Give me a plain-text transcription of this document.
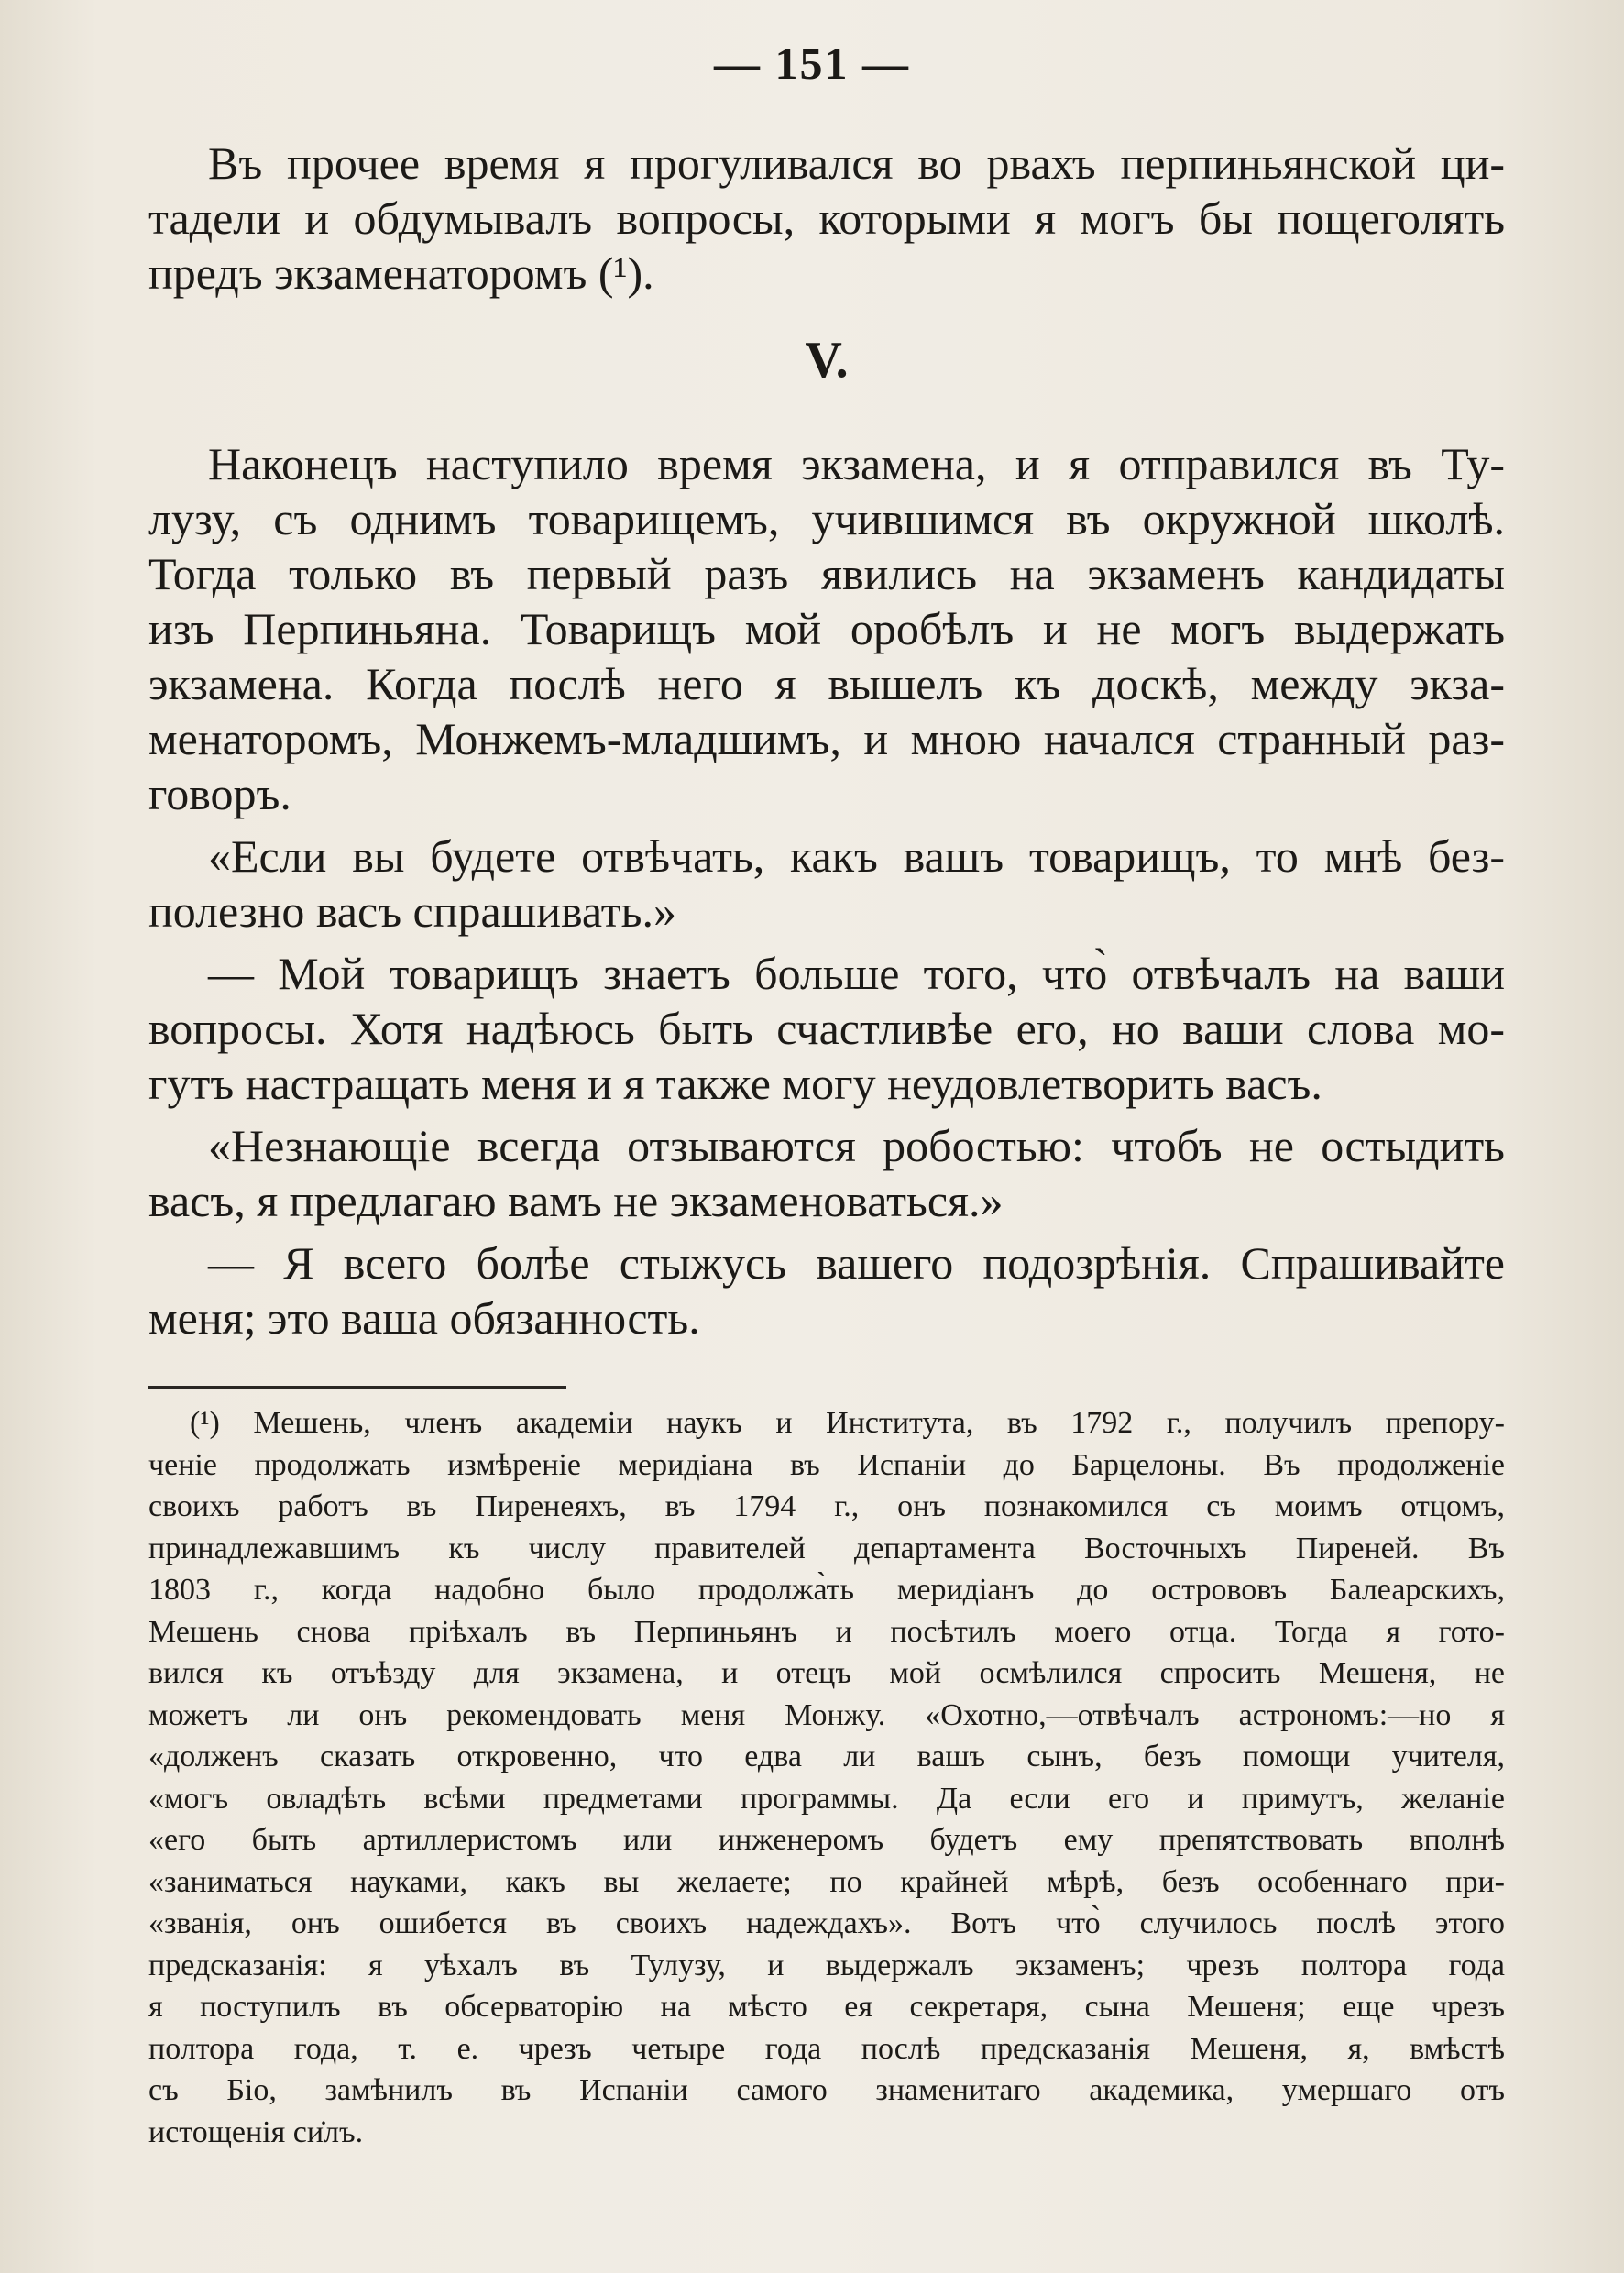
— 151 —
Въ прочее время я прогуливался во рвахъ перпиньянской ци-
тадели и обдумывалъ вопросы, которыми я могъ бы пощеголять
предъ экзаменаторомъ (¹).
V.
Наконецъ наступило время экзамена, и я отправился въ Ту-
лузу, съ однимъ товарищемъ, учившимся въ окружной школѣ.
Тогда только въ первый разъ явились на экзаменъ кандидаты
изъ Перпиньяна. Товарищъ мой оробѣлъ и не могъ выдержать
экзамена. Когда послѣ него я вышелъ къ доскѣ, между экза-
менаторомъ, Монжемъ-младшимъ, и мною начался странный раз-
говоръ.
«Если вы будете отвѣчать, какъ вашъ товарищъ, то мнѣ без-
полезно васъ спрашивать.»
— Мой товарищъ знаетъ больше того, что̀ отвѣчалъ на ваши
вопросы. Хотя надѣюсь быть счастливѣе его, но ваши слова мо-
гутъ настращать меня и я также могу неудовлетворить васъ.
«Незнающіе всегда отзываются робостью: чтобъ не остыдить
васъ, я предлагаю вамъ не экзаменоваться.»
— Я всего болѣе стыжусь вашего подозрѣнія. Спрашивайте
меня; это ваша обязанность.
(¹) Мешень, членъ академіи наукъ и Института, въ 1792 г., получилъ препору-
ченіе продолжать измѣреніе меридіана въ Испаніи до Барцелоны. Въ продолженіе
своихъ работъ въ Пиренеяхъ, въ 1794 г., онъ познакомился съ моимъ отцомъ,
принадлежавшимъ къ числу правителей департамента Восточныхъ Пиреней. Въ
1803 г., когда надобно было продолжа̀ть меридіанъ до острововъ Балеарскихъ,
Мешень снова пріѣхалъ въ Перпиньянъ и посѣтилъ моего отца. Тогда я гото-
вился къ отъѣзду для экзамена, и отецъ мой осмѣлился спросить Мешеня, не
можетъ ли онъ рекомендовать меня Монжу. «Охотно,—отвѣчалъ астрономъ:—но я
«долженъ сказать откровенно, что едва ли вашъ сынъ, безъ помощи учителя,
«могъ овладѣть всѣми предметами программы. Да если его и примутъ, желаніе
«его быть артиллеристомъ или инженеромъ будетъ ему препятствовать вполнѣ
«заниматься науками, какъ вы желаете; по крайней мѣрѣ, безъ особеннаго при-
«званія, онъ ошибется въ своихъ надеждахъ». Вотъ что̀ случилось послѣ этого
предсказанія: я уѣхалъ въ Тулузу, и выдержалъ экзаменъ; чрезъ полтора года
я поступилъ въ обсерваторію на мѣсто ея секретаря, сына Мешеня; еще чрезъ
полтора года, т. е. чрезъ четыре года послѣ предсказанія Мешеня, я, вмѣстѣ
съ Біо, замѣнилъ въ Испаніи самого знаменитаго академика, умершаго отъ
истощенія си̇лъ.
